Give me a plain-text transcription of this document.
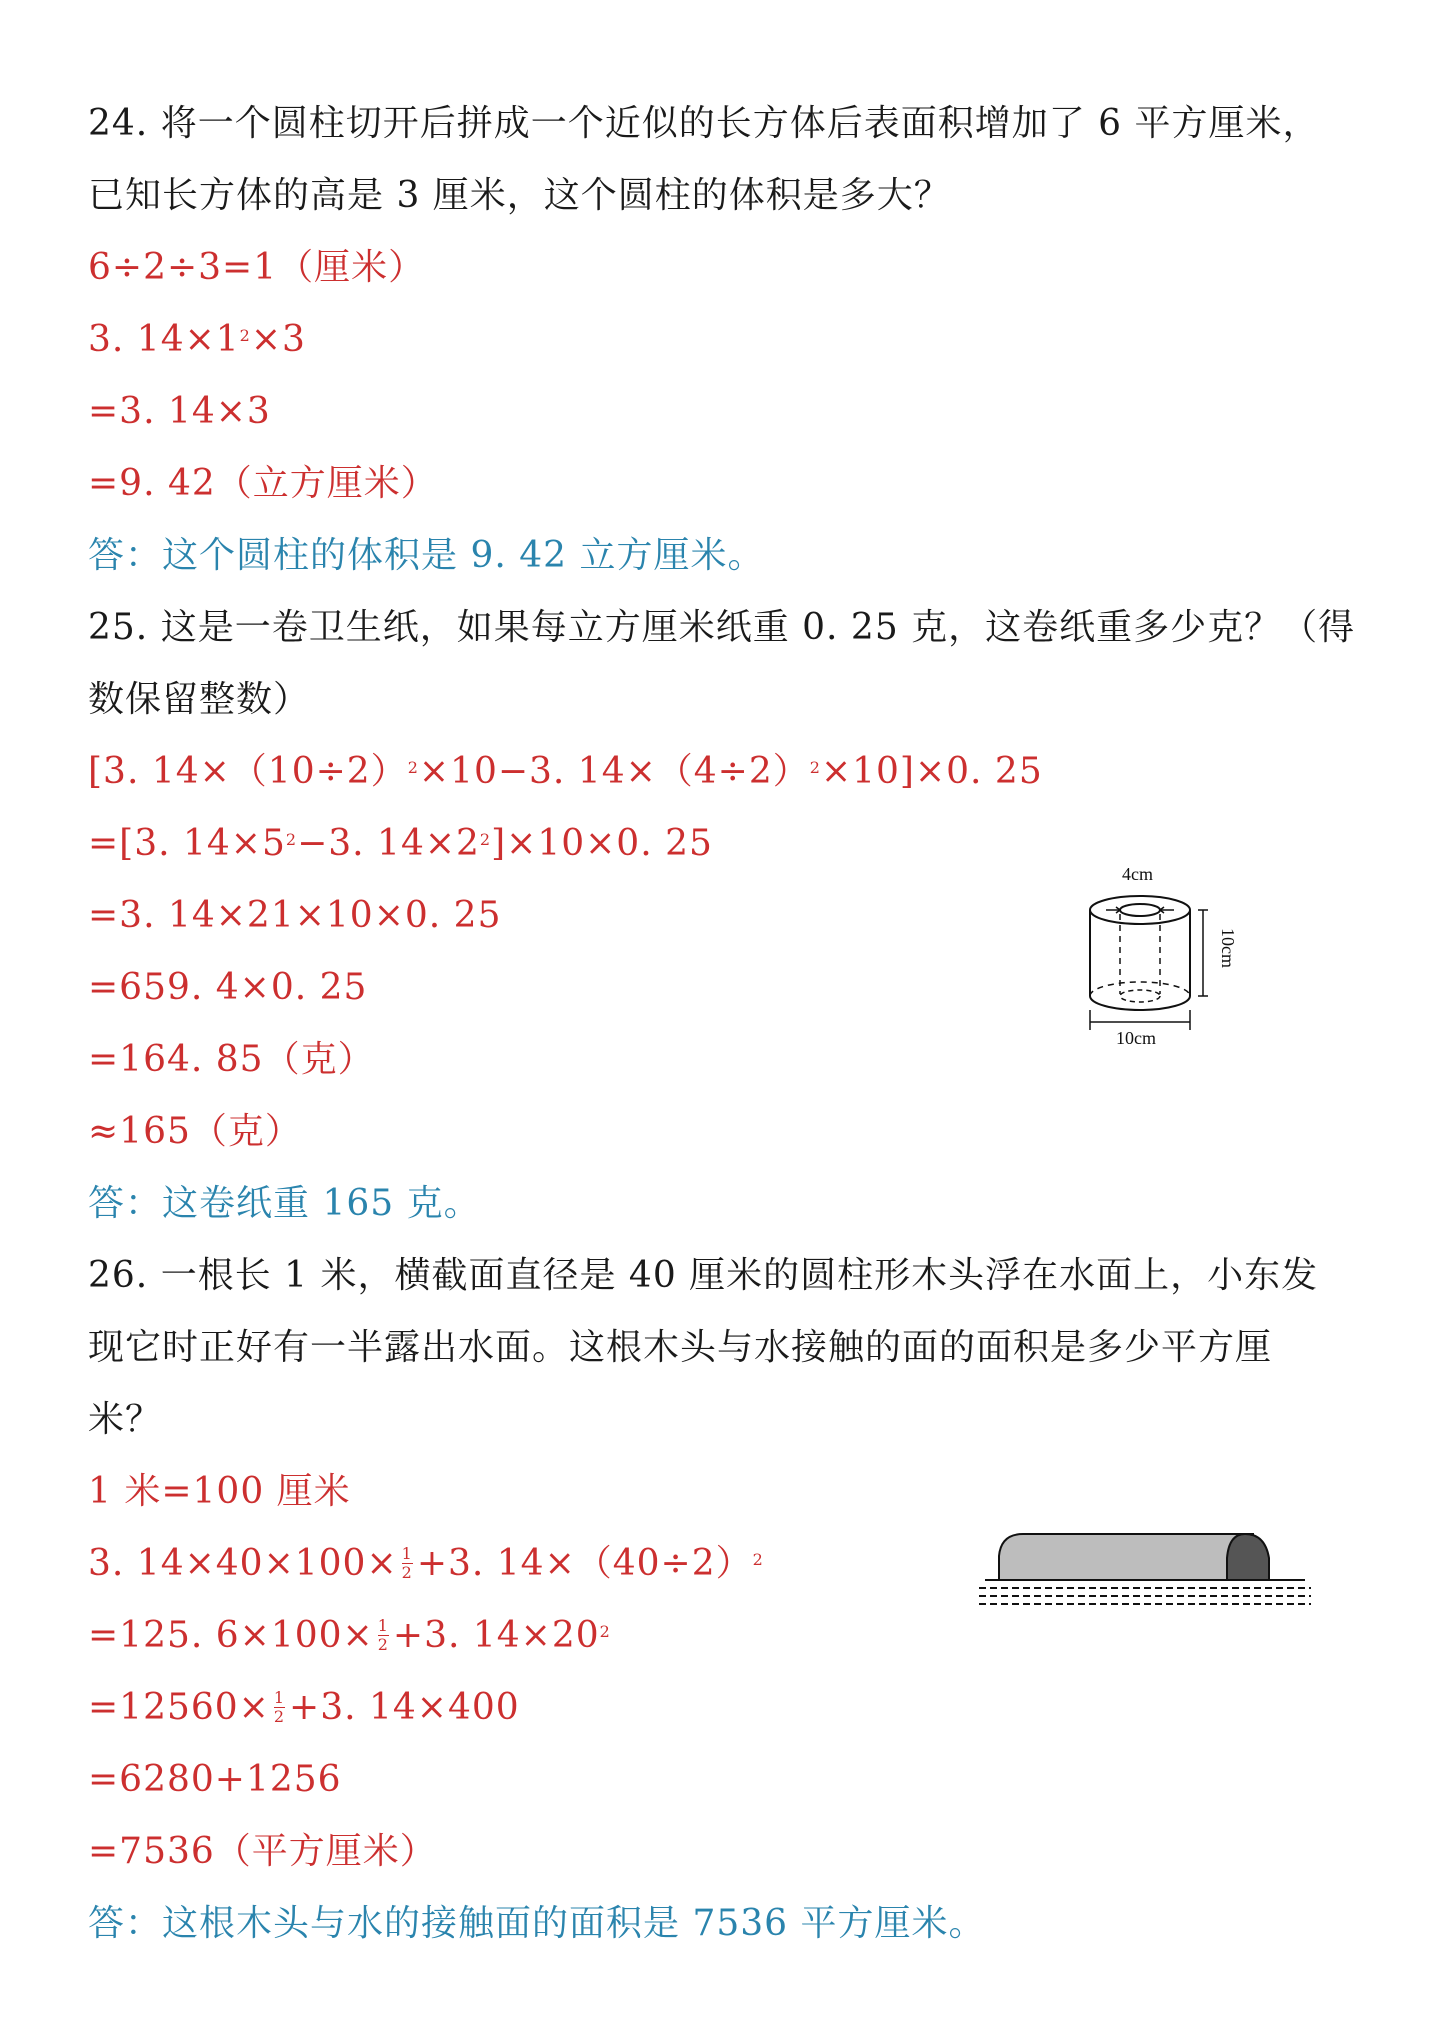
24. 将一个圆柱切开后拼成一个近似的长方体后表面积增加了 6 平方厘米，
已知长方体的高是 3 厘米，这个圆柱的体积是多大？
6÷2÷3=1（厘米）
3. $14\times 1^2\times 3$
=3. 14×3
=9. 42（立方厘米）
答：这个圆柱的体积是 9. 42 立方厘米。
25. 这是一卷卫生纸，如果每立方厘米纸重 0. 25 克，这卷纸重多少克？（得
数保留整数）
[3. $14\times(10\div 2)^2\times 10-3$. $14\times(4\div 2)^2\times 10]\times 0$. 25
=[3. $14\times 5^2-3$. $14\times 2^2]\times 10\times 0$. 25
=3. 14×21×10×0. 25
=659. 4×0. 25
=164. 85（克）
≈165（克）
答：这卷纸重 165 克。
4cm
10cm
10cm
26. 一根长 1 米，横截面直径是 40 厘米的圆柱形木头浮在水面上，小东发
现它时正好有一半露出水面。这根木头与水接触的面的面积是多少平方厘
米？
1 米=100 厘米
3. $14\times 40\times 100\times \frac{1}{2} +3$. $14\times(40\div 2)^2$
=125. $6\times 100\times \frac{1}{2} +3$. $14\times 20^2$
$=12560\times \frac{1}{2} +3$. 14×400
=6280+1256
=7536（平方厘米）
答：这根木头与水的接触面的面积是 7536 平方厘米。
